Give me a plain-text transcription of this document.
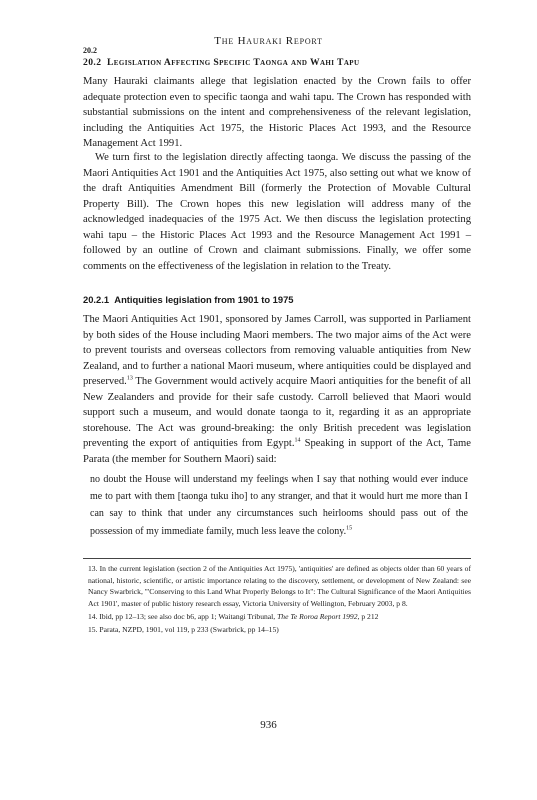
The Hauraki Report
20.2
20.2 Legislation Affecting Specific Taonga and Wahi Tapu

Many Hauraki claimants allege that legislation enacted by the Crown fails to offer adequate protection even to specific taonga and wahi tapu. The Crown has responded with substantial submissions on the intent and comprehensiveness of the relevant legislation, including the Antiquities Act 1975, the Historic Places Act 1993, and the Resource Management Act 1991.

We turn first to the legislation directly affecting taonga. We discuss the passing of the Maori Antiquities Act 1901 and the Antiquities Act 1975, also setting out what we know of the draft Antiquities Amendment Bill (formerly the Protection of Movable Cultural Property Bill). The Crown hopes this new legislation will address many of the acknowledged inadequacies of the 1975 Act. We then discuss the legislation protecting wahi tapu – the Historic Places Act 1993 and the Resource Management Act 1991 – followed by an outline of Crown and claimant submissions. Finally, we offer some comments on the effectiveness of the legislation in relation to the Treaty.

20.2.1 Antiquities legislation from 1901 to 1975

The Maori Antiquities Act 1901, sponsored by James Carroll, was supported in Parliament by both sides of the House including Maori members. The two major aims of the Act were to prevent tourists and overseas collectors from removing valuable antiquities from New Zealand, and to further a national Maori museum, where antiquities could be displayed and preserved.$^{13}$ The Government would actively acquire Maori antiquities for the benefit of all New Zealanders and provide for their safe custody. Carroll believed that Maori would support such a museum, and would donate taonga to it, regarding it as an appropriate storehouse. The Act was ground-breaking: the only British precedent was legislation preventing the export of antiquities from Egypt.$^{14}$ Speaking in support of the Act, Tame Parata (the member for Southern Maori) said:

no doubt the House will understand my feelings when I say that nothing would ever induce me to part with them [taonga tuku iho] to any stranger, and that it would hurt me more than I can say to think that under any circumstances such heirlooms should pass out of the possession of my immediate family, much less leave the colony.$^{15}$

13. In the current legislation (section 2 of the Antiquities Act 1975), 'antiquities' are defined as objects older than 60 years of national, historic, scientific, or artistic importance relating to the discovery, settlement, or development of New Zealand: see Nancy Swarbrick, '"Conserving to this Land What Properly Belongs to It": The Cultural Significance of the Maori Antiquities Act 1901', master of public history research essay, Victoria University of Wellington, February 2003, p 8.

14. Ibid, pp 12–13; see also doc b6, app 1; Waitangi Tribunal, The Te Roroa Report 1992, p 212

15. Parata, NZPD, 1901, vol 119, p 233 (Swarbrick, pp 14–15)

936
